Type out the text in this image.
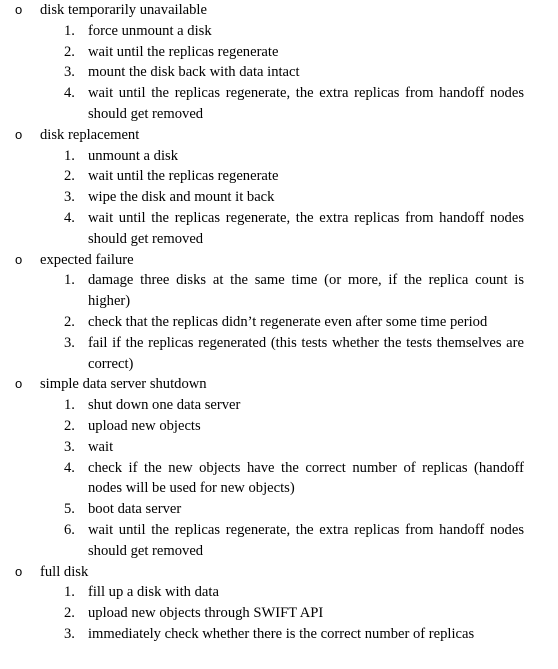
o disk temporarily unavailable
1. force unmount a disk
2. wait until the replicas regenerate
3. mount the disk back with data intact
4. wait until the replicas regenerate, the extra replicas from handoff nodes should get removed
o disk replacement
1. unmount a disk
2. wait until the replicas regenerate
3. wipe the disk and mount it back
4. wait until the replicas regenerate, the extra replicas from handoff nodes should get removed
o expected failure
1. damage three disks at the same time (or more, if the replica count is higher)
2. check that the replicas didn’t regenerate even after some time period
3. fail if the replicas regenerated (this tests whether the tests themselves are correct)
o simple data server shutdown
1. shut down one data server
2. upload new objects
3. wait
4. check if the new objects have the correct number of replicas (handoff nodes will be used for new objects)
5. boot data server
6. wait until the replicas regenerate, the extra replicas from handoff nodes should get removed
o full disk
1. fill up a disk with data
2. upload new objects through SWIFT API
3. immediately check whether there is the correct number of replicas
